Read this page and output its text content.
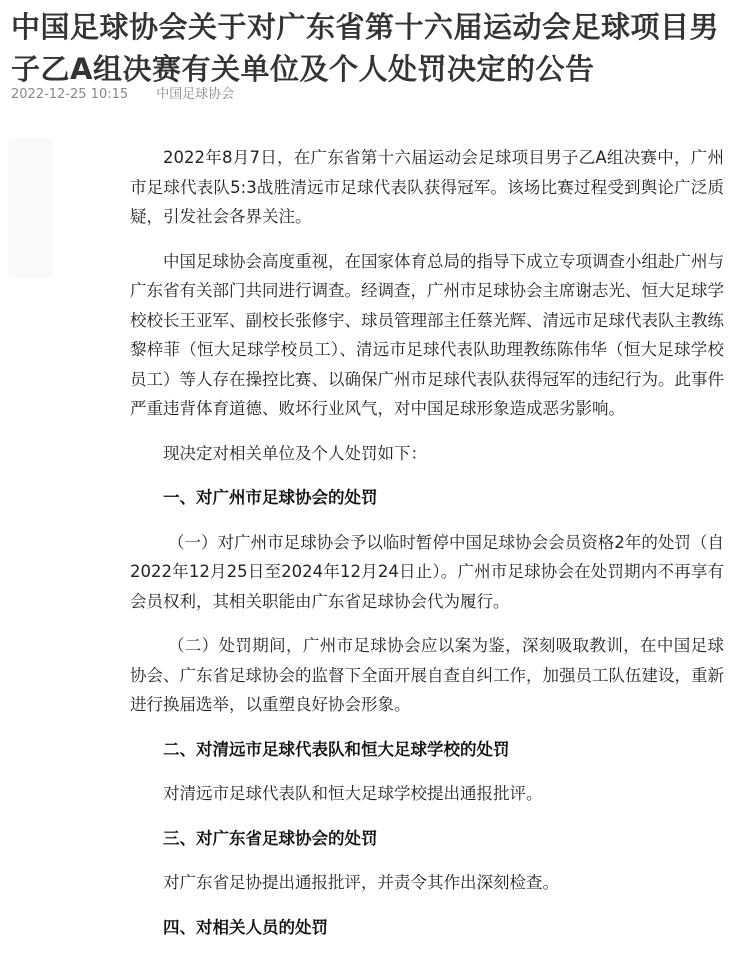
中国足球协会关于对广东省第十六届运动会足球项目男子乙A组决赛有关单位及个人处罚决定的公告
2022-12-25 10:15 中国足球协会

2022年8月7日，在广东省第十六届运动会足球项目男子乙A组决赛中，广州市足球代表队5:3战胜清远市足球代表队获得冠军。该场比赛过程受到舆论广泛质疑，引发社会各界关注。

中国足球协会高度重视，在国家体育总局的指导下成立专项调查小组赴广州与广东省有关部门共同进行调查。经调查，广州市足球协会主席谢志光、恒大足球学校校长王亚军、副校长张修宇、球员管理部主任蔡光辉、清远市足球代表队主教练黎梓菲（恒大足球学校员工）、清远市足球代表队助理教练陈伟华（恒大足球学校员工）等人存在操控比赛、以确保广州市足球代表队获得冠军的违纪行为。此事件严重违背体育道德、败坏行业风气，对中国足球形象造成恶劣影响。

现决定对相关单位及个人处罚如下：

一、对广州市足球协会的处罚

（一）对广州市足球协会予以临时暂停中国足球协会会员资格2年的处罚（自2022年12月25日至2024年12月24日止）。广州市足球协会在处罚期内不再享有会员权利，其相关职能由广东省足球协会代为履行。

（二）处罚期间，广州市足球协会应以案为鉴，深刻吸取教训，在中国足球协会、广东省足球协会的监督下全面开展自查自纠工作，加强员工队伍建设，重新进行换届选举，以重塑良好协会形象。

二、对清远市足球代表队和恒大足球学校的处罚

对清远市足球代表队和恒大足球学校提出通报批评。

三、对广东省足球协会的处罚

对广东省足协提出通报批评，并责令其作出深刻检查。

四、对相关人员的处罚
